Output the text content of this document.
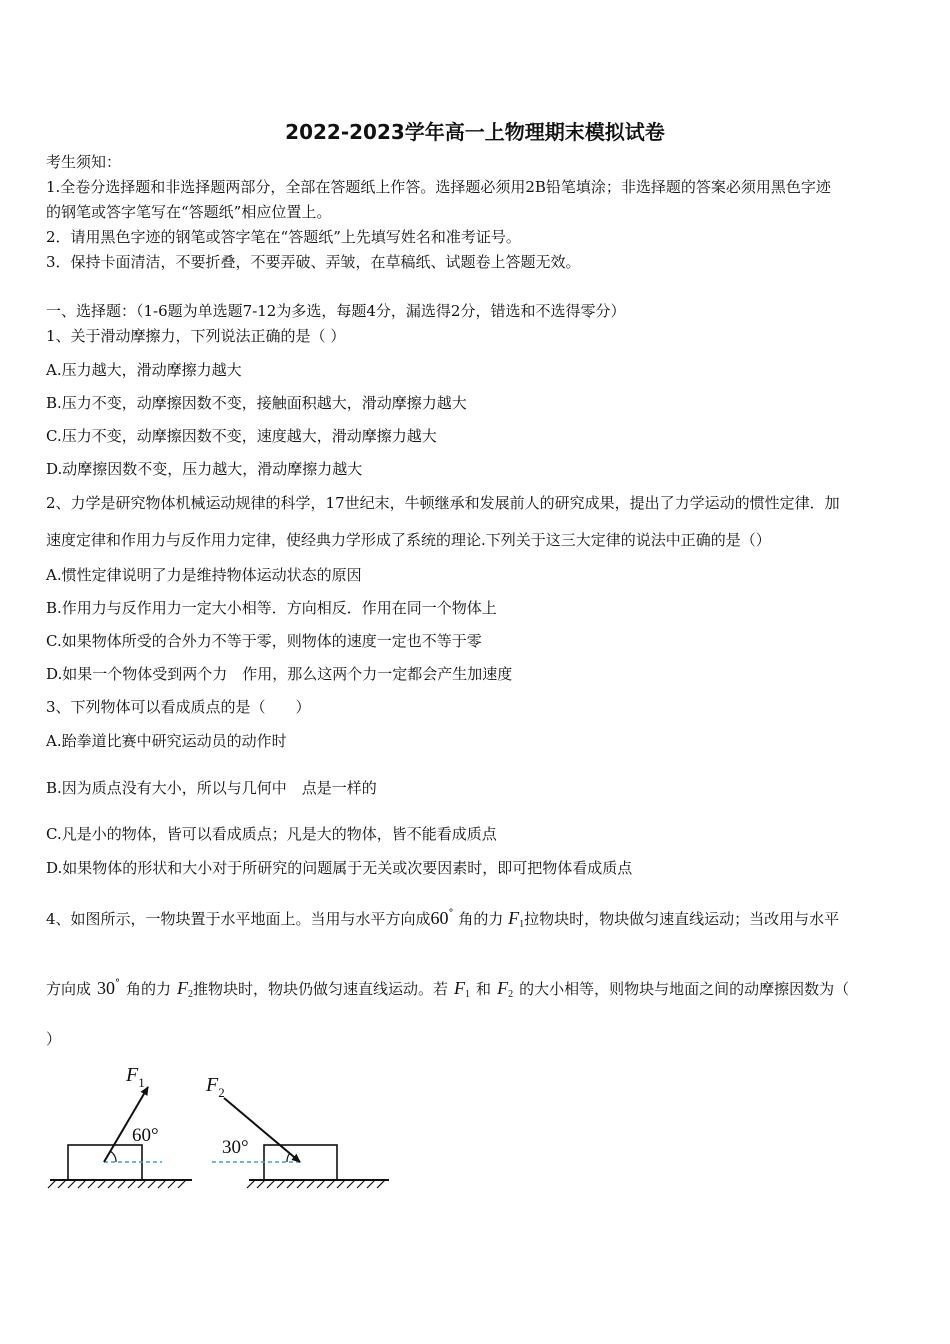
2022-2023学年高一上物理期末模拟试卷
考生须知：
1.全卷分选择题和非选择题两部分，全部在答题纸上作答。选择题必须用2B铅笔填涂；非选择题的答案必须用黑色字迹
的钢笔或答字笔写在“答题纸”相应位置上。
2．请用黑色字迹的钢笔或答字笔在“答题纸”上先填写姓名和准考证号。
3．保持卡面清洁，不要折叠，不要弄破、弄皱，在草稿纸、试题卷上答题无效。
一、选择题：（1-6题为单选题7-12为多选，每题4分，漏选得2分，错选和不选得零分）
1、关于滑动摩擦力，下列说法正确的是（ ）
A.压力越大，滑动摩擦力越大
B.压力不变，动摩擦因数不变，接触面积越大，滑动摩擦力越大
C.压力不变，动摩擦因数不变，速度越大，滑动摩擦力越大
D.动摩擦因数不变，压力越大，滑动摩擦力越大
2、力学是研究物体机械运动规律的科学，17世纪末，牛顿继承和发展前人的研究成果，提出了力学运动的惯性定律．加
速度定律和作用力与反作用力定律，使经典力学形成了系统的理论.下列关于这三大定律的说法中正确的是（）
A.惯性定律说明了力是维持物体运动状态的原因
B.作用力与反作用力一定大小相等．方向相反．作用在同一个物体上
C.如果物体所受的合外力不等于零，则物体的速度一定也不等于零
D.如果一个物体受到两个力　作用，那么这两个力一定都会产生加速度
3、下列物体可以看成质点的是（　　）
A.跆拳道比赛中研究运动员的动作时
B.因为质点没有大小，所以与几何中　点是一样的
C.凡是小的物体，皆可以看成质点；凡是大的物体，皆不能看成质点
D.如果物体的形状和大小对于所研究的问题属于无关或次要因素时，即可把物体看成质点
4、如图所示，一物块置于水平地面上。当用与水平方向成60° 角的力 $F_1$拉物块时，物块做匀速直线运动；当改用与水平
方向成 30° 角的力 $F_2$推物块时，物块仍做匀速直线运动。若 $F_1$ 和 $F_2$ 的大小相等，则物块与地面之间的动摩擦因数为（
）
$F_1$
60°
$F_2$
30°
